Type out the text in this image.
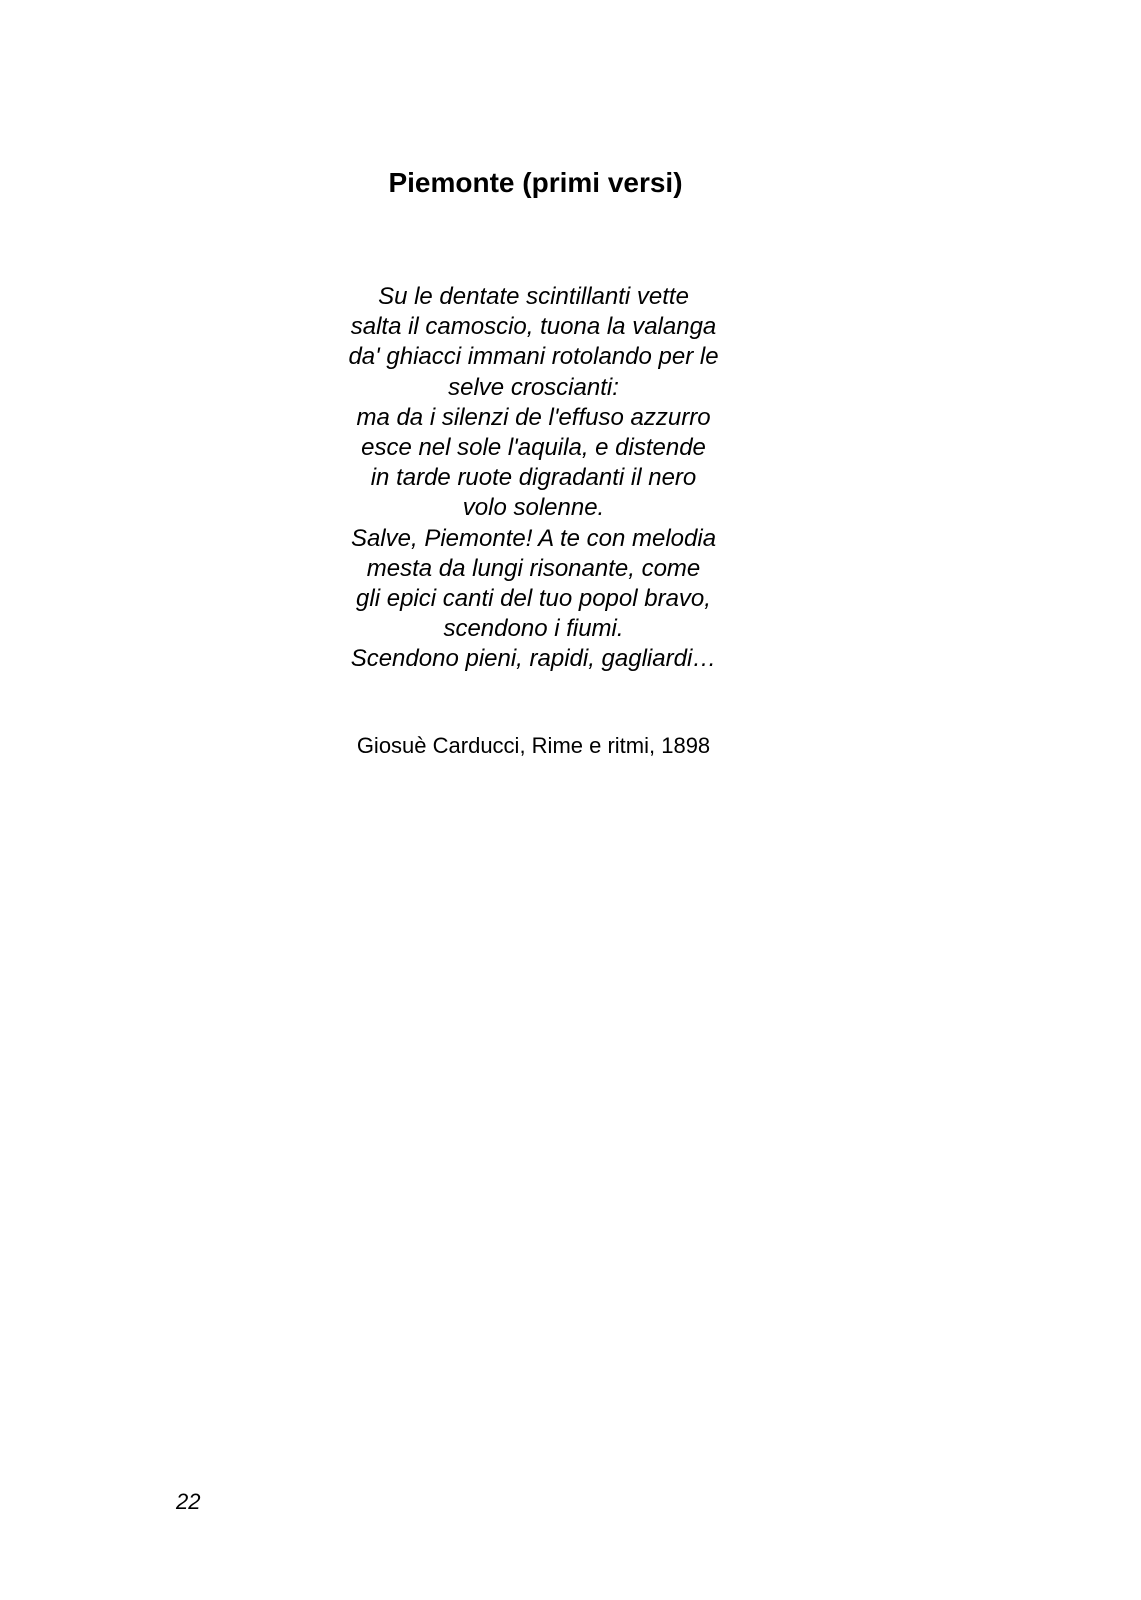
Piemonte (primi versi)
Su le dentate scintillanti vette
salta il camoscio, tuona la valanga
da' ghiacci immani rotolando per le
selve croscianti:
ma da i silenzi de l'effuso azzurro
esce nel sole l'aquila, e distende
in tarde ruote digradanti il nero
volo solenne.
Salve, Piemonte! A te con melodia
mesta da lungi risonante, come
gli epici canti del tuo popol bravo,
scendono i fiumi.
Scendono pieni, rapidi, gagliardi…
Giosuè Carducci, Rime e ritmi, 1898
22
